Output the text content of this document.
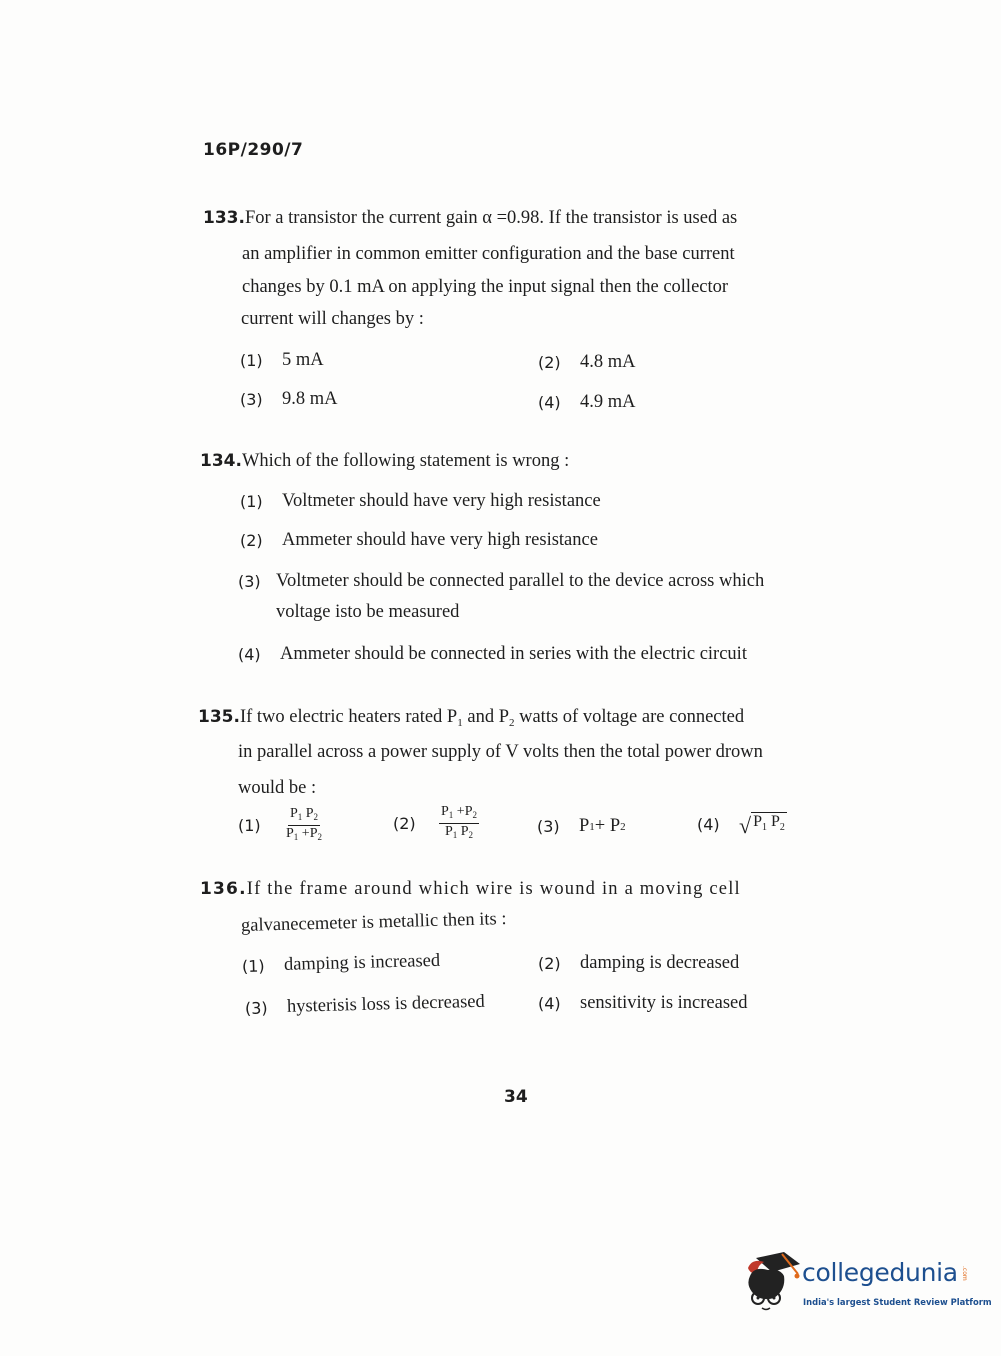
16P/290/7
133.For a transistor the current gain α =0.98. If the transistor is used as
an amplifier in common emitter configuration and the base current
changes by 0.1 mA on applying the input signal then the collector
current will changes by :
(1)	5 mA	(2)	4.8 mA
(3)	9.8 mA	(4)	4.9 mA
134.Which of the following statement is wrong :
(1)	Voltmeter should have very high resistance
(2)	Ammeter should have very high resistance
(3) Voltmeter should be connected parallel to the device across which
voltage isto be measured
(4)	Ammeter should be connected in series with the electric circuit
135.If two electric heaters rated $P_1$ and $P_2$ watts of voltage are connected
in parallel across a power supply of V volts then the total power drown
would be :
(1)	$\frac{P_1 P_2}{P_1 +P_2}$	(2)	$\frac{P_1 +P_2}{P_1 P_2}$	(3)	P 1 + P 2	(4) √ $P_1$ $P_2$
136.If the frame around which wire is wound in a moving cell
galvanecemeter is metallic then its :
(1)	damping is increased	(2)	damping is decreased
(3)	hysterisis loss is decreased	(4)	sensitivity is increased
34
collegedunia .com
India's largest Student Review Platform
